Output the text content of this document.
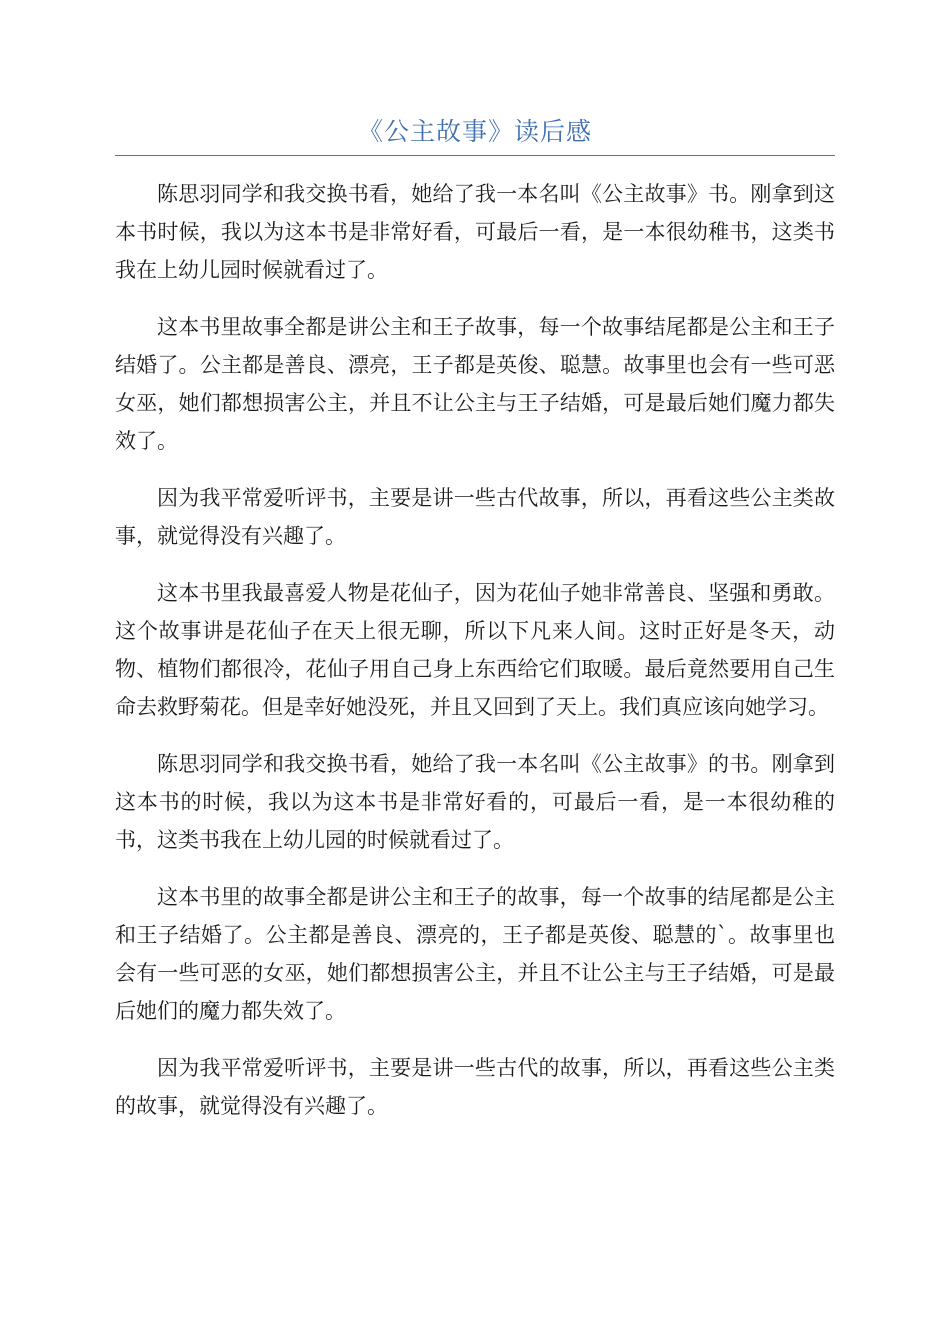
《公主故事》读后感

陈思羽同学和我交换书看，她给了我一本名叫《公主故事》书。刚拿到这本书时候，我以为这本书是非常好看，可最后一看，是一本很幼稚书，这类书我在上幼儿园时候就看过了。

这本书里故事全都是讲公主和王子故事，每一个故事结尾都是公主和王子结婚了。公主都是善良、漂亮，王子都是英俊、聪慧。故事里也会有一些可恶女巫，她们都想损害公主，并且不让公主与王子结婚，可是最后她们魔力都失效了。

因为我平常爱听评书，主要是讲一些古代故事，所以，再看这些公主类故事，就觉得没有兴趣了。

这本书里我最喜爱人物是花仙子，因为花仙子她非常善良、坚强和勇敢。这个故事讲是花仙子在天上很无聊，所以下凡来人间。这时正好是冬天，动物、植物们都很冷，花仙子用自己身上东西给它们取暖。最后竟然要用自己生命去救野菊花。但是幸好她没死，并且又回到了天上。我们真应该向她学习。

陈思羽同学和我交换书看，她给了我一本名叫《公主故事》的书。刚拿到这本书的时候，我以为这本书是非常好看的，可最后一看，是一本很幼稚的书，这类书我在上幼儿园的时候就看过了。

这本书里的故事全都是讲公主和王子的故事，每一个故事的结尾都是公主和王子结婚了。公主都是善良、漂亮的，王子都是英俊、聪慧的`。故事里也会有一些可恶的女巫，她们都想损害公主，并且不让公主与王子结婚，可是最后她们的魔力都失效了。

因为我平常爱听评书，主要是讲一些古代的故事，所以，再看这些公主类的故事，就觉得没有兴趣了。
